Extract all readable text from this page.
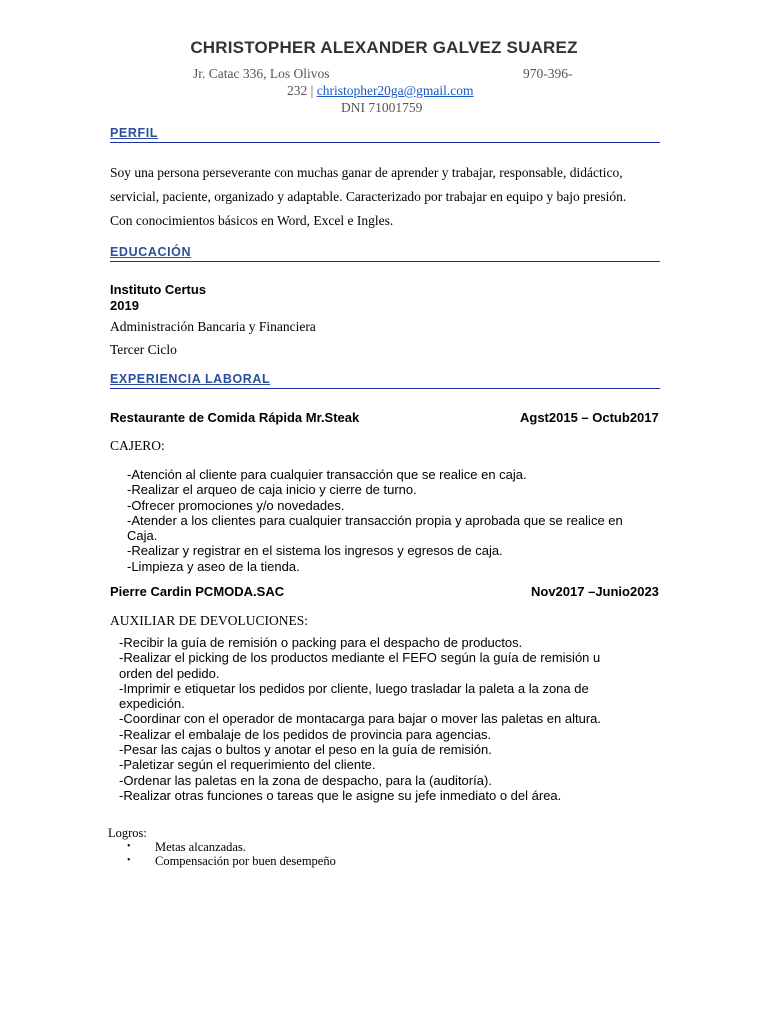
CHRISTOPHER ALEXANDER GALVEZ SUAREZ
Jr. Catac 336, Los Olivos	970-396-
232 | christopher20ga@gmail.com
DNI 71001759
PERFIL
Soy una persona perseverante con muchas ganar de aprender y trabajar, responsable, didáctico,
servicial, paciente, organizado y adaptable. Caracterizado por trabajar en equipo y bajo presión.
Con conocimientos básicos en Word, Excel e Ingles.
EDUCACIÓN
Instituto Certus
2019
Administración Bancaria y Financiera
Tercer Ciclo
EXPERIENCIA LABORAL
Restaurante de Comida Rápida Mr.Steak	Agst2015 – Octub2017
CAJERO:
-Atención al cliente para cualquier transacción que se realice en caja.
-Realizar el arqueo de caja inicio y cierre de turno.
-Ofrecer promociones y/o novedades.
-Atender a los clientes para cualquier transacción propia y aprobada que se realice en
Caja.
-Realizar y registrar en el sistema los ingresos y egresos de caja.
-Limpieza y aseo de la tienda.
Pierre Cardin PCMODA.SAC	Nov2017 –Junio2023
AUXILIAR DE DEVOLUCIONES:
-Recibir la guía de remisión o packing para el despacho de productos.
-Realizar el picking de los productos mediante el FEFO según la guía de remisión u
orden del pedido.
-Imprimir e etiquetar los pedidos por cliente, luego trasladar la paleta a la zona de
expedición.
-Coordinar con el operador de montacarga para bajar o mover las paletas en altura.
-Realizar el embalaje de los pedidos de provincia para agencias.
-Pesar las cajas o bultos y anotar el peso en la guía de remisión.
-Paletizar según el requerimiento del cliente.
-Ordenar las paletas en la zona de despacho, para la (auditoría).
-Realizar otras funciones o tareas que le asigne su jefe inmediato o del área.
Logros:
• Metas alcanzadas.
• Compensación por buen desempeño
